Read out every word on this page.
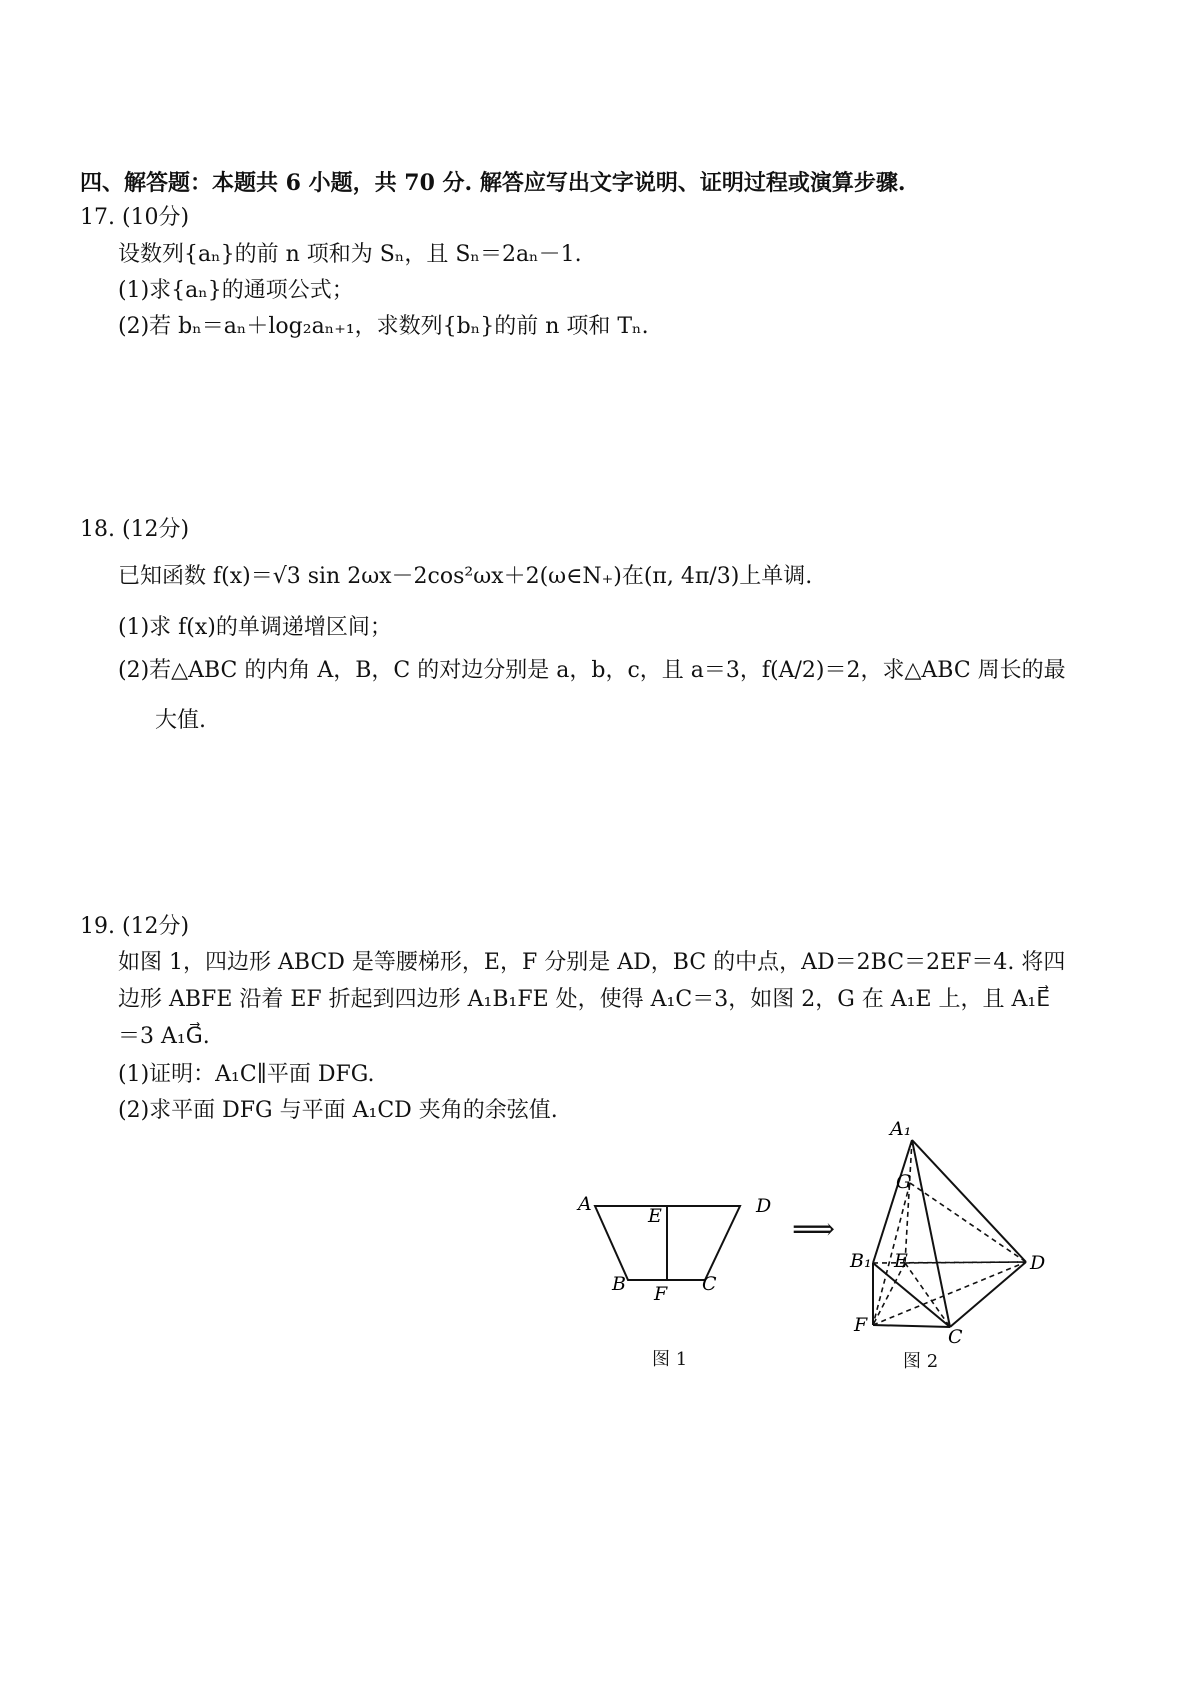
四、解答题：本题共 6 小题，共 70 分. 解答应写出文字说明、证明过程或演算步骤.
17. (10分)
设数列{aₙ}的前 n 项和为 Sₙ，且 Sₙ＝2aₙ－1.
(1)求{aₙ}的通项公式；
(2)若 bₙ＝aₙ＋log₂aₙ₊₁，求数列{bₙ}的前 n 项和 Tₙ.
18. (12分)
已知函数 f(x)＝√3 sin 2ωx－2cos²ωx＋2(ω∈N₊)在(π, 4π/3)上单调.
(1)求 f(x)的单调递增区间；
(2)若△ABC 的内角 A，B，C 的对边分别是 a，b，c，且 a＝3，f(A/2)＝2，求△ABC 周长的最
大值.
19. (12分)
如图 1，四边形 ABCD 是等腰梯形，E，F 分别是 AD，BC 的中点，AD＝2BC＝2EF＝4. 将四
边形 ABFE 沿着 EF 折起到四边形 A₁B₁FE 处，使得 A₁C＝3，如图 2，G 在 A₁E 上，且 A₁E⃗
＝3 A₁G⃗.
(1)证明：A₁C∥平面 DFG.
(2)求平面 DFG 与平面 A₁CD 夹角的余弦值.
A
E	D
B F C
图 1
⟹
A₁
G
B₁ E	D
F
C
图 2
